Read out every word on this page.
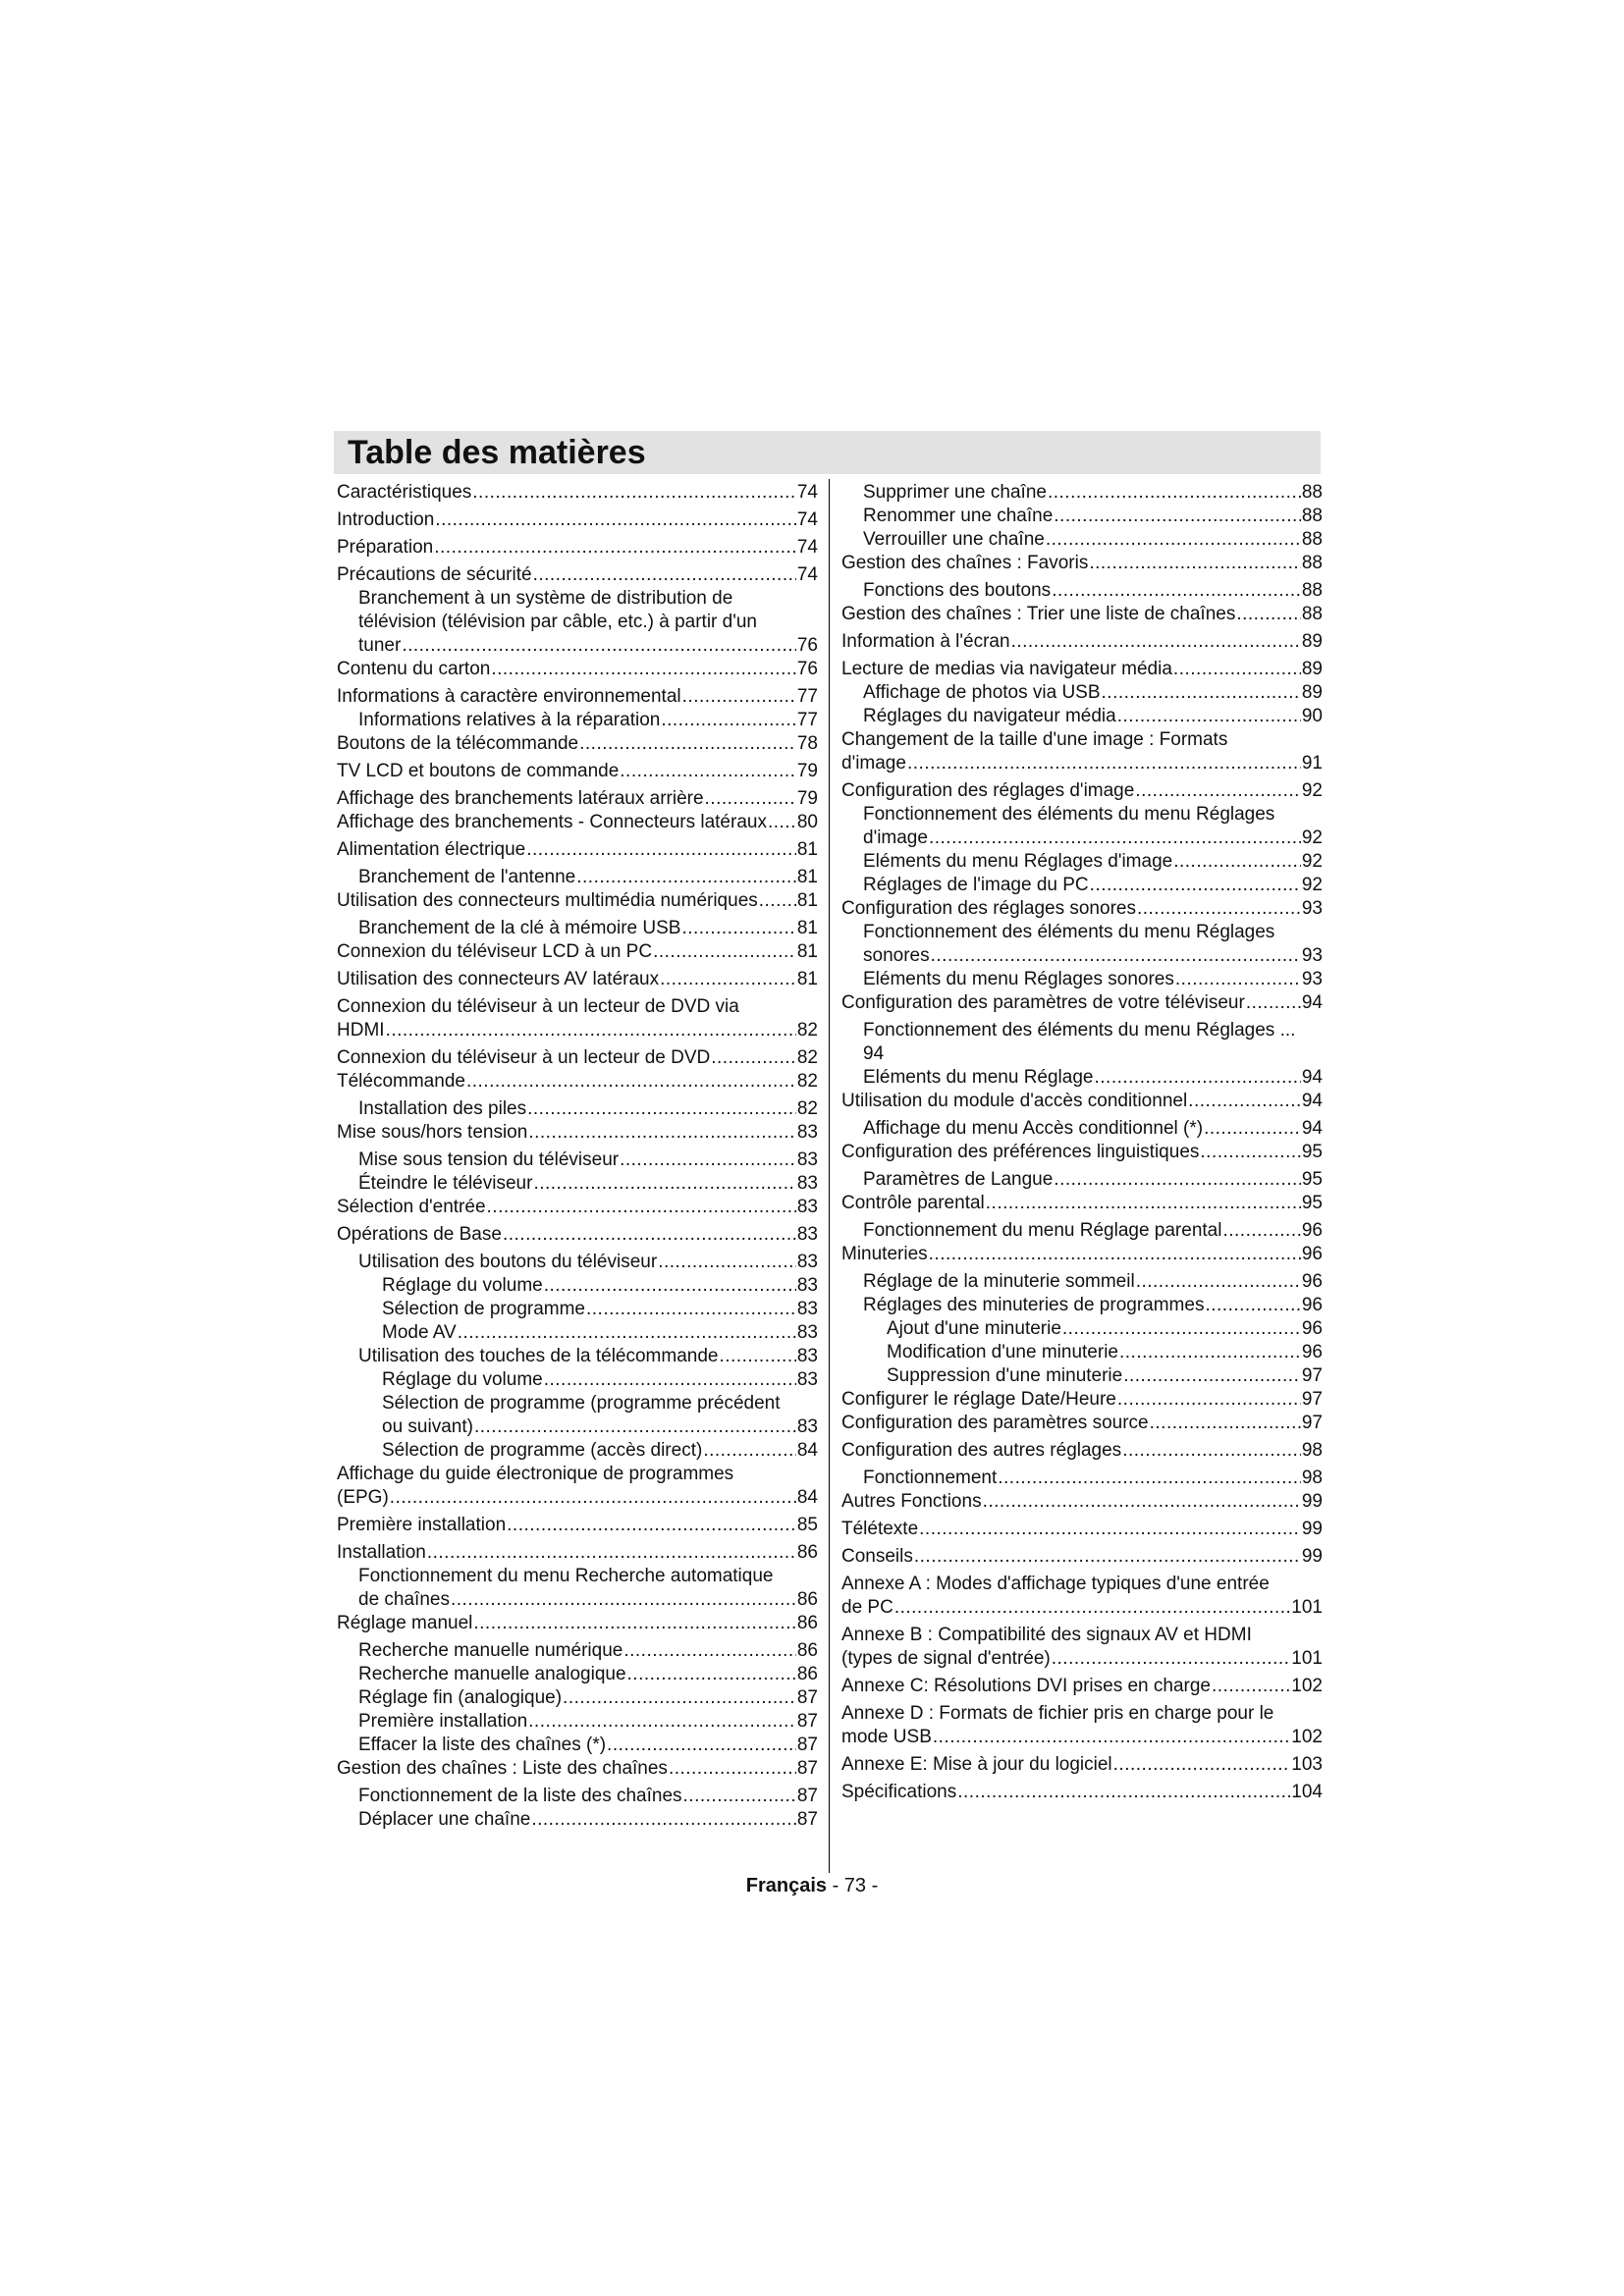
Table des matières
Caractéristiques .....	74
Introduction .....	74
Préparation .....	74
Précautions de sécurité .....	74
Branchement à un système de distribution de
télévision (télévision par câble, etc.) à partir d'un
tuner .....	76
Contenu du carton .....	76
Informations à caractère environnemental .....	77
Informations relatives à la réparation .....	77
Boutons de la télécommande .....	78
TV LCD et boutons de commande .....	79
Affichage des branchements latéraux arrière .....	79
Affichage des branchements - Connecteurs latéraux ..... 80
Alimentation électrique .....	81
Branchement de l'antenne .....	81
Utilisation des connecteurs multimédia numériques ..... 81
Branchement de la clé à mémoire USB .....	81
Connexion du téléviseur LCD à un PC .....	81
Utilisation des connecteurs AV latéraux .....	81
Connexion du téléviseur à un lecteur de DVD via
HDMI .....	82
Connexion du téléviseur à un lecteur de DVD .....	82
Télécommande .....	82
Installation des piles .....	82
Mise sous/hors tension .....	83
Mise sous tension du téléviseur .....	83
Éteindre le téléviseur .....	83
Sélection d'entrée .....	83
Opérations de Base .....	83
Utilisation des boutons du téléviseur .....	83
Réglage du volume .....	83
Sélection de programme .....	83
Mode AV .....	83
Utilisation des touches de la télécommande .....	83
Réglage du volume .....	83
Sélection de programme (programme précédent
ou suivant) .....	83
Sélection de programme (accès direct) .....	84
Affichage du guide électronique de programmes
(EPG) .....	84
Première installation .....	85
Installation .....	86
Fonctionnement du menu Recherche automatique
de chaînes .....	86
Réglage manuel .....	86
Recherche manuelle numérique .....	86
Recherche manuelle analogique .....	86
Réglage fin (analogique) .....	87
Première installation .....	87
Effacer la liste des chaînes (*) .....	87
Gestion des chaînes : Liste des chaînes .....	87
Fonctionnement de la liste des chaînes .....	87
Déplacer une chaîne .....	87
Supprimer une chaîne .....	88
Renommer une chaîne .....	88
Verrouiller une chaîne .....	88
Gestion des chaînes : Favoris .....	88
Fonctions des boutons .....	88
Gestion des chaînes : Trier une liste de chaînes .....	88
Information à l'écran .....	89
Lecture de medias via navigateur média .....	89
Affichage de photos via USB .....	89
Réglages du navigateur média .....	90
Changement de la taille d'une image : Formats
d'image .....	91
Configuration des réglages d'image .....	92
Fonctionnement des éléments du menu Réglages
d'image .....	92
Eléments du menu Réglages d'image .....	92
Réglages de l'image du PC .....	92
Configuration des réglages sonores .....	93
Fonctionnement des éléments du menu Réglages
sonores .....	93
Eléments du menu Réglages sonores .....	93
Configuration des paramètres de votre téléviseur .....	94
Fonctionnement des éléments du menu Réglages ...
94
Eléments du menu Réglage .....	94
Utilisation du module d'accès conditionnel .....	94
Affichage du menu Accès conditionnel (*) .....	94
Configuration des préférences linguistiques .....	95
Paramètres de Langue .....	95
Contrôle parental .....	95
Fonctionnement du menu Réglage parental .....	96
Minuteries .....	96
Réglage de la minuterie sommeil .....	96
Réglages des minuteries de programmes .....	96
Ajout d'une minuterie .....	96
Modification d'une minuterie .....	96
Suppression d'une minuterie .....	97
Configurer le réglage Date/Heure .....	97
Configuration des paramètres source .....	97
Configuration des autres réglages .....	98
Fonctionnement .....	98
Autres Fonctions .....	99
Télétexte .....	99
Conseils .....	99
Annexe A : Modes d'affichage typiques d'une entrée
de PC .....	101
Annexe B : Compatibilité des signaux AV et HDMI
(types de signal d'entrée) .....	101
Annexe C: Résolutions DVI prises en charge .....	102
Annexe D : Formats de fichier pris en charge pour le
mode USB .....	102
Annexe E: Mise à jour du logiciel .....	103
Spécifications .....	104
Français - 73 -
